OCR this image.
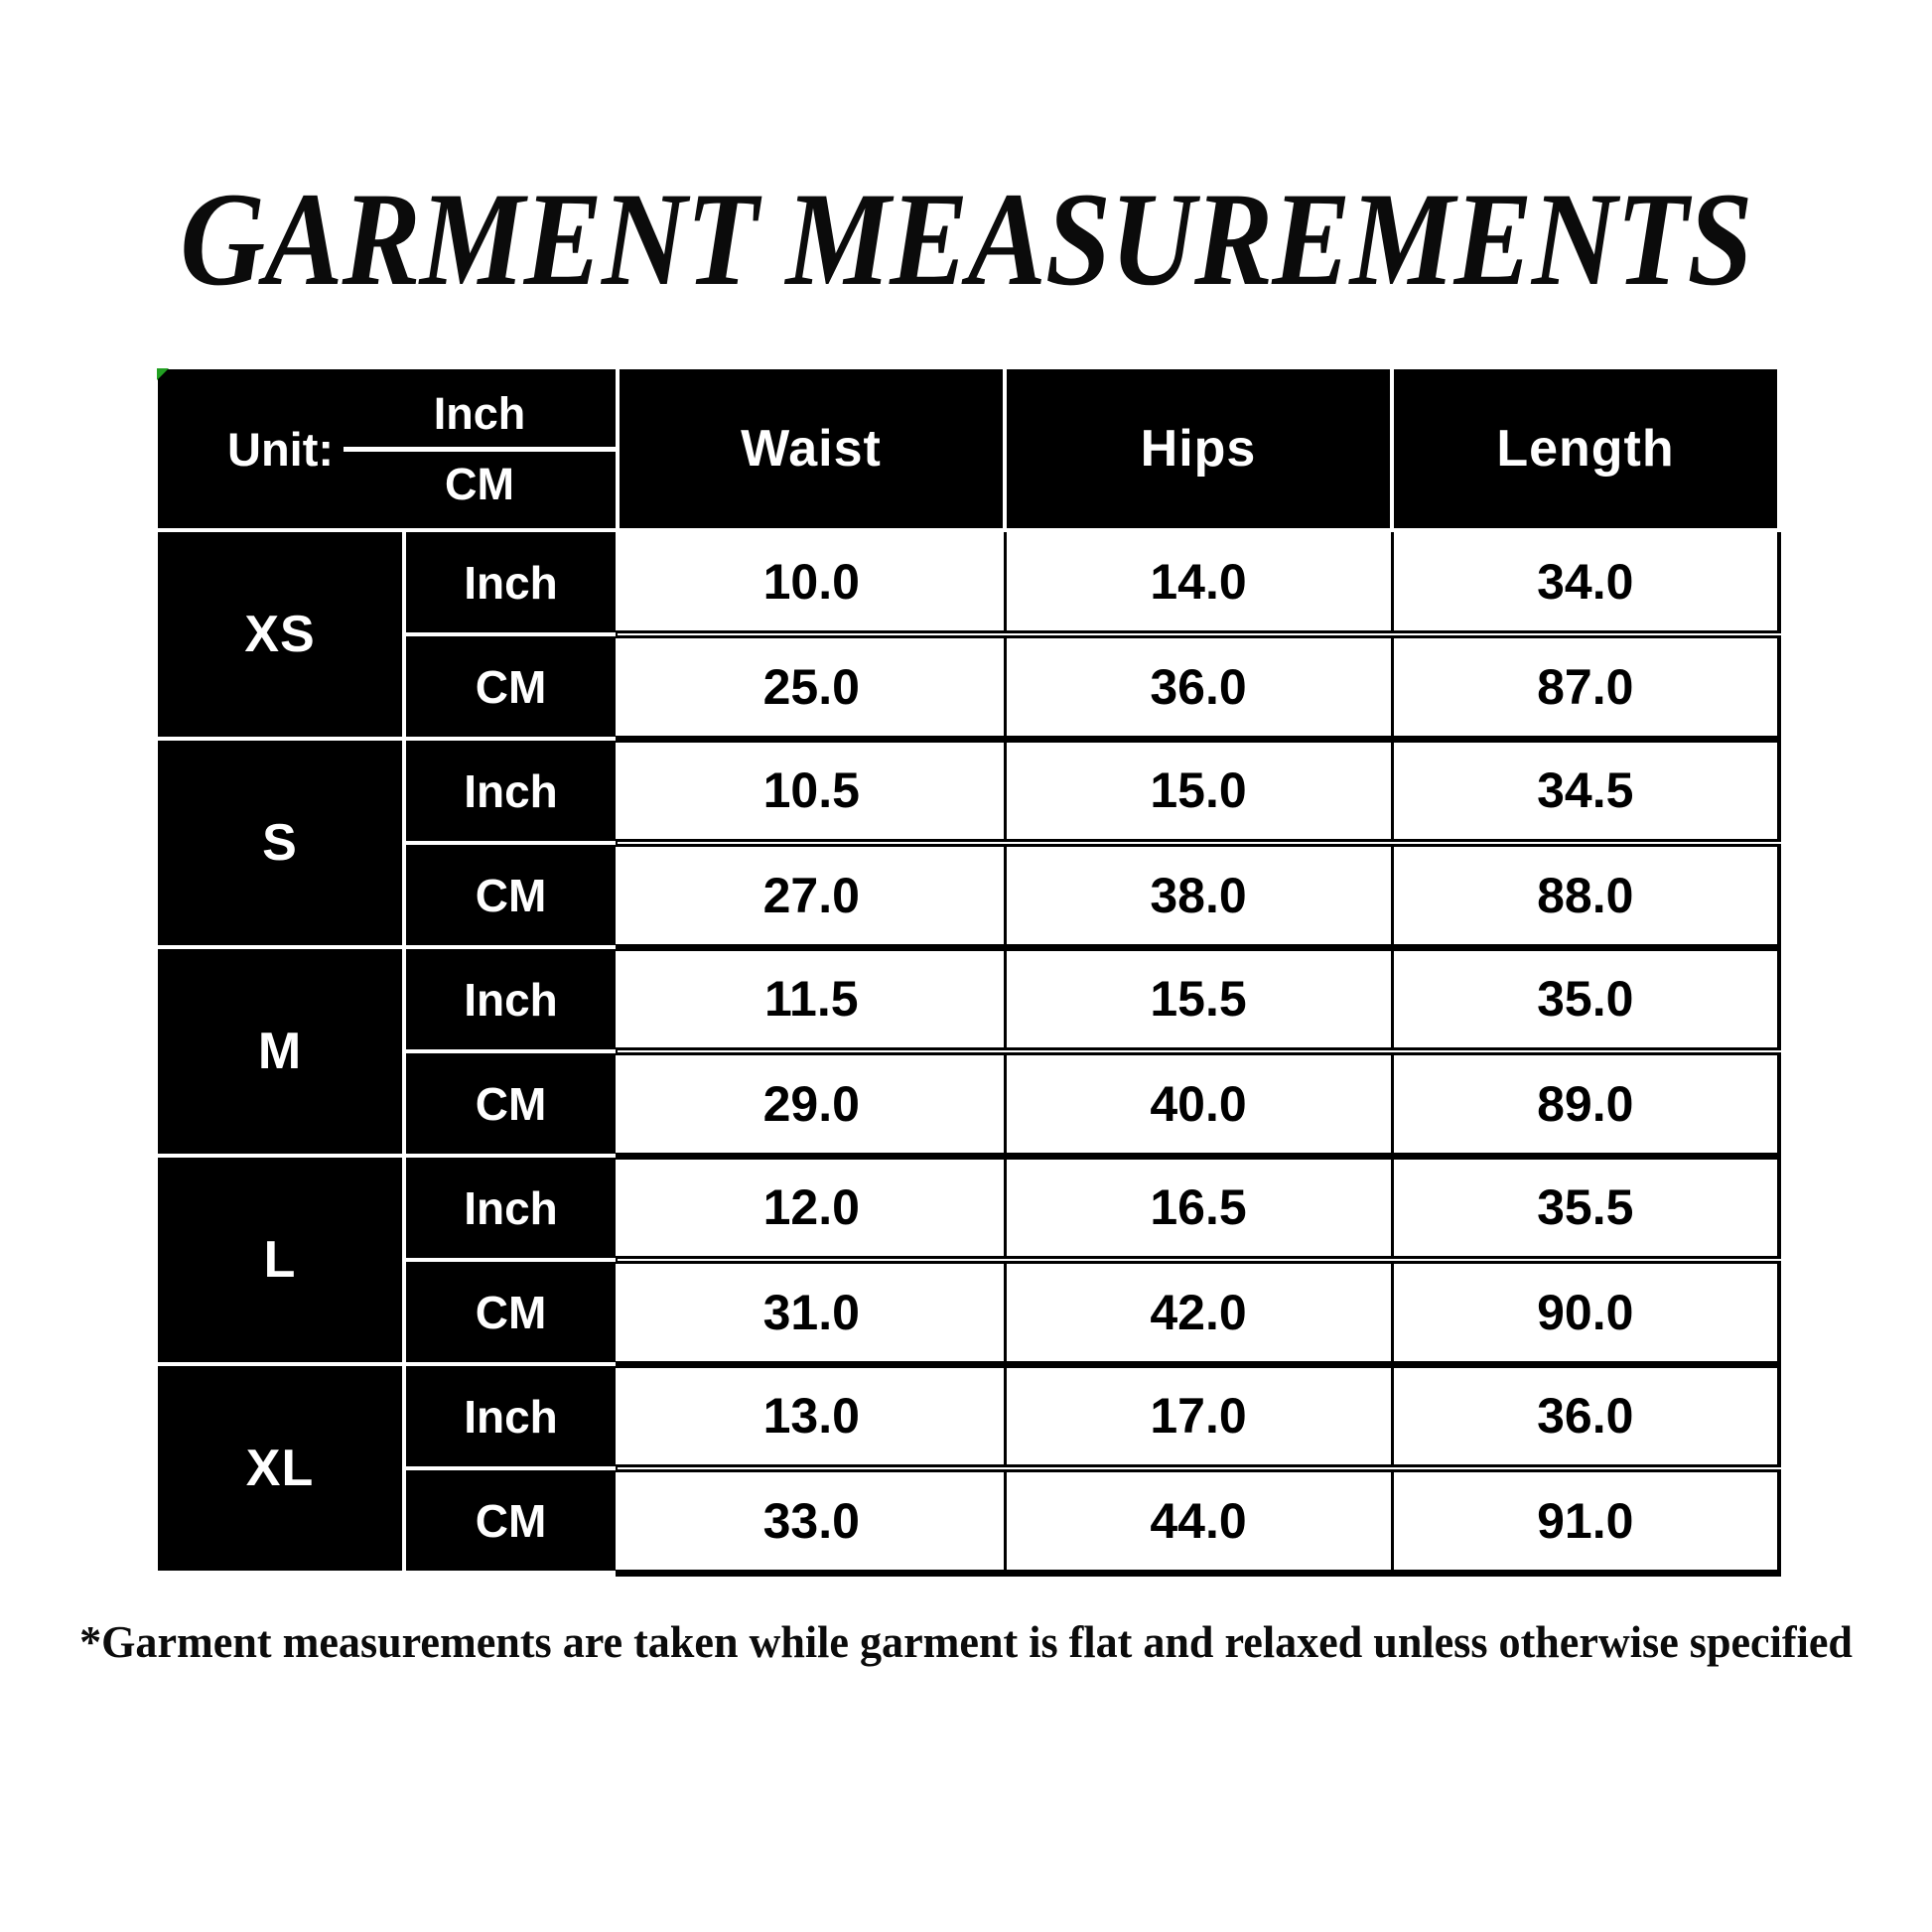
GARMENT MEASUREMENTS
Unit: $\frac{\text{Inch}}{CM}$		Waist	Hips	Length
XS	Inch	10.0	14.0	34.0
	CM	25.0	36.0	87.0
S	Inch	10.5	15.0	34.5
	CM	27.0	38.0	88.0
M	Inch	11.5	15.5	35.0
	CM	29.0	40.0	89.0
L	Inch	12.0	16.5	35.5
	CM	31.0	42.0	90.0
XL	Inch	13.0	17.0	36.0
	CM	33.0	44.0	91.0

*Garment measurements are taken while garment is flat and relaxed unless otherwise specified
